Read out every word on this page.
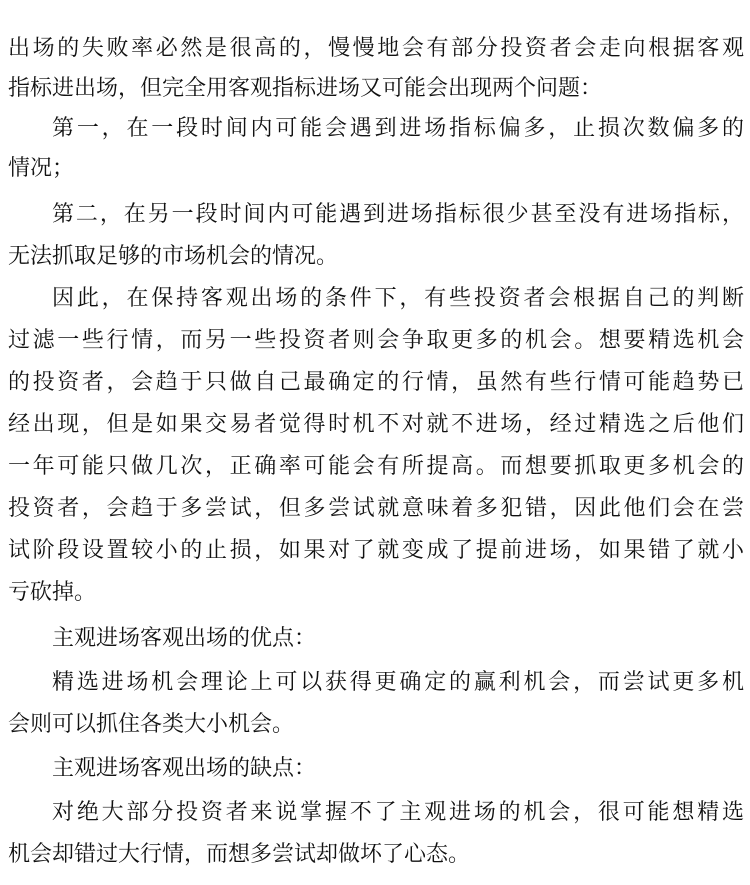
出场的失败率必然是很高的，慢慢地会有部分投资者会走向根据客观
指标进出场，但完全用客观指标进场又可能会出现两个问题：
第一，在一段时间内可能会遇到进场指标偏多，止损次数偏多的
情况；
第二，在另一段时间内可能遇到进场指标很少甚至没有进场指标，
无法抓取足够的市场机会的情况。
因此，在保持客观出场的条件下，有些投资者会根据自己的判断
过滤一些行情，而另一些投资者则会争取更多的机会。想要精选机会
的投资者，会趋于只做自己最确定的行情，虽然有些行情可能趋势已
经出现，但是如果交易者觉得时机不对就不进场，经过精选之后他们
一年可能只做几次，正确率可能会有所提高。而想要抓取更多机会的
投资者，会趋于多尝试，但多尝试就意味着多犯错，因此他们会在尝
试阶段设置较小的止损，如果对了就变成了提前进场，如果错了就小
亏砍掉。
主观进场客观出场的优点：
精选进场机会理论上可以获得更确定的赢利机会，而尝试更多机
会则可以抓住各类大小机会。
主观进场客观出场的缺点：
对绝大部分投资者来说掌握不了主观进场的机会，很可能想精选
机会却错过大行情，而想多尝试却做坏了心态。
